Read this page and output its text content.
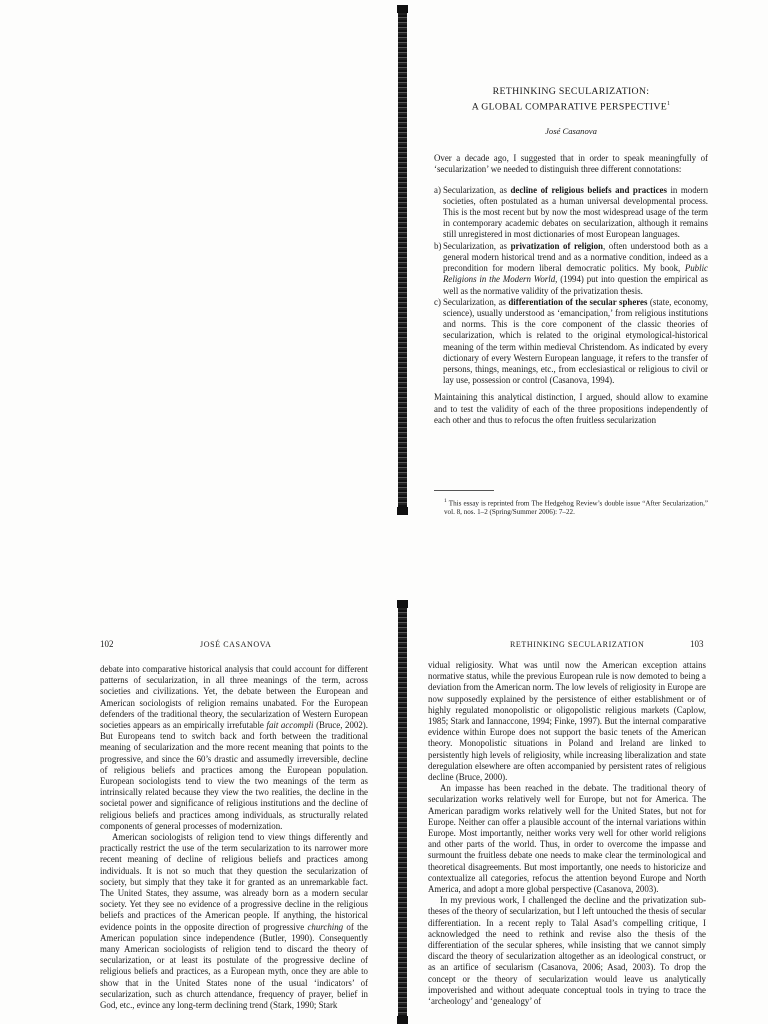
RETHINKING SECULARIZATION:
A GLOBAL COMPARATIVE PERSPECTIVE$^1$

José Casanova

Over a decade ago, I suggested that in order to speak meaningfully of ‘secularization’ we needed to distinguish three different connotations:

a) Secularization, as decline of religious beliefs and practices in modern societies, often postulated as a human universal developmental process. This is the most recent but by now the most widespread usage of the term in contemporary academic debates on secularization, although it remains still unregistered in most dictionaries of most European languages.
b) Secularization, as privatization of religion, often understood both as a general modern historical trend and as a normative condition, indeed as a precondition for modern liberal democratic politics. My book, Public Religions in the Modern World, (1994) put into question the empirical as well as the normative validity of the privatization thesis.
c) Secularization, as differentiation of the secular spheres (state, economy, science), usually understood as ‘emancipation,’ from religious institutions and norms. This is the core component of the classic theories of secularization, which is related to the original etymological-historical meaning of the term within medieval Christendom. As indicated by every dictionary of every Western European language, it refers to the transfer of persons, things, meanings, etc., from ecclesiastical or religious to civil or lay use, possession or control (Casanova, 1994).

Maintaining this analytical distinction, I argued, should allow to examine and to test the validity of each of the three propositions independently of each other and thus to refocus the often fruitless secularization

$^1$ This essay is reprinted from The Hedgehog Review’s double issue “After Secularization,” vol. 8, nos. 1–2 (Spring/Summer 2006): 7–22.
102	JOSÉ CASANOVA

debate into comparative historical analysis that could account for different patterns of secularization, in all three meanings of the term, across societies and civilizations. Yet, the debate between the European and American sociologists of religion remains unabated. For the European defenders of the traditional theory, the secularization of Western European societies appears as an empirically irrefutable fait accompli (Bruce, 2002). But Europeans tend to switch back and forth between the traditional meaning of secularization and the more recent meaning that points to the progressive, and since the 60’s drastic and assumedly irreversible, decline of religious beliefs and practices among the European population. European sociologists tend to view the two meanings of the term as intrinsically related because they view the two realities, the decline in the societal power and significance of religious institutions and the decline of religious beliefs and practices among individuals, as structurally related components of general processes of modernization.

American sociologists of religion tend to view things differently and practically restrict the use of the term secularization to its narrower more recent meaning of decline of religious beliefs and practices among individuals. It is not so much that they question the secularization of society, but simply that they take it for granted as an unremarkable fact. The United States, they assume, was already born as a modern secular society. Yet they see no evidence of a progressive decline in the religious beliefs and practices of the American people. If anything, the historical evidence points in the opposite direction of progressive churching of the American population since independence (Butler, 1990). Consequently many American sociologists of religion tend to discard the theory of secularization, or at least its postulate of the progressive decline of religious beliefs and practices, as a European myth, once they are able to show that in the United States none of the usual ‘indicators’ of secularization, such as church attendance, frequency of prayer, belief in God, etc., evince any long-term declining trend (Stark, 1990; Stark

RETHINKING SECULARIZATION	103

vidual religiosity. What was until now the American exception attains normative status, while the previous European rule is now demoted to being a deviation from the American norm. The low levels of religiosity in Europe are now supposedly explained by the persistence of either establishment or of highly regulated monopolistic or oligopolistic religious markets (Caplow, 1985; Stark and Iannaccone, 1994; Finke, 1997). But the internal comparative evidence within Europe does not support the basic tenets of the American theory. Monopolistic situations in Poland and Ireland are linked to persistently high levels of religiosity, while increasing liberalization and state deregulation elsewhere are often accompanied by persistent rates of religious decline (Bruce, 2000).

An impasse has been reached in the debate. The traditional theory of secularization works relatively well for Europe, but not for America. The American paradigm works relatively well for the United States, but not for Europe. Neither can offer a plausible account of the internal variations within Europe. Most importantly, neither works very well for other world religions and other parts of the world. Thus, in order to overcome the impasse and surmount the fruitless debate one needs to make clear the terminological and theoretical disagreements. But most importantly, one needs to historicize and contextualize all categories, refocus the attention beyond Europe and North America, and adopt a more global perspective (Casanova, 2003).

In my previous work, I challenged the decline and the privatization sub-theses of the theory of secularization, but I left untouched the thesis of secular differentiation. In a recent reply to Talal Asad’s compelling critique, I acknowledged the need to rethink and revise also the thesis of the differentiation of the secular spheres, while insisting that we cannot simply discard the theory of secularization altogether as an ideological construct, or as an artifice of secularism (Casanova, 2006; Asad, 2003). To drop the concept or the theory of secularization would leave us analytically impoverished and without adequate conceptual tools in trying to trace the ‘archeology’ and ‘genealogy’ of
